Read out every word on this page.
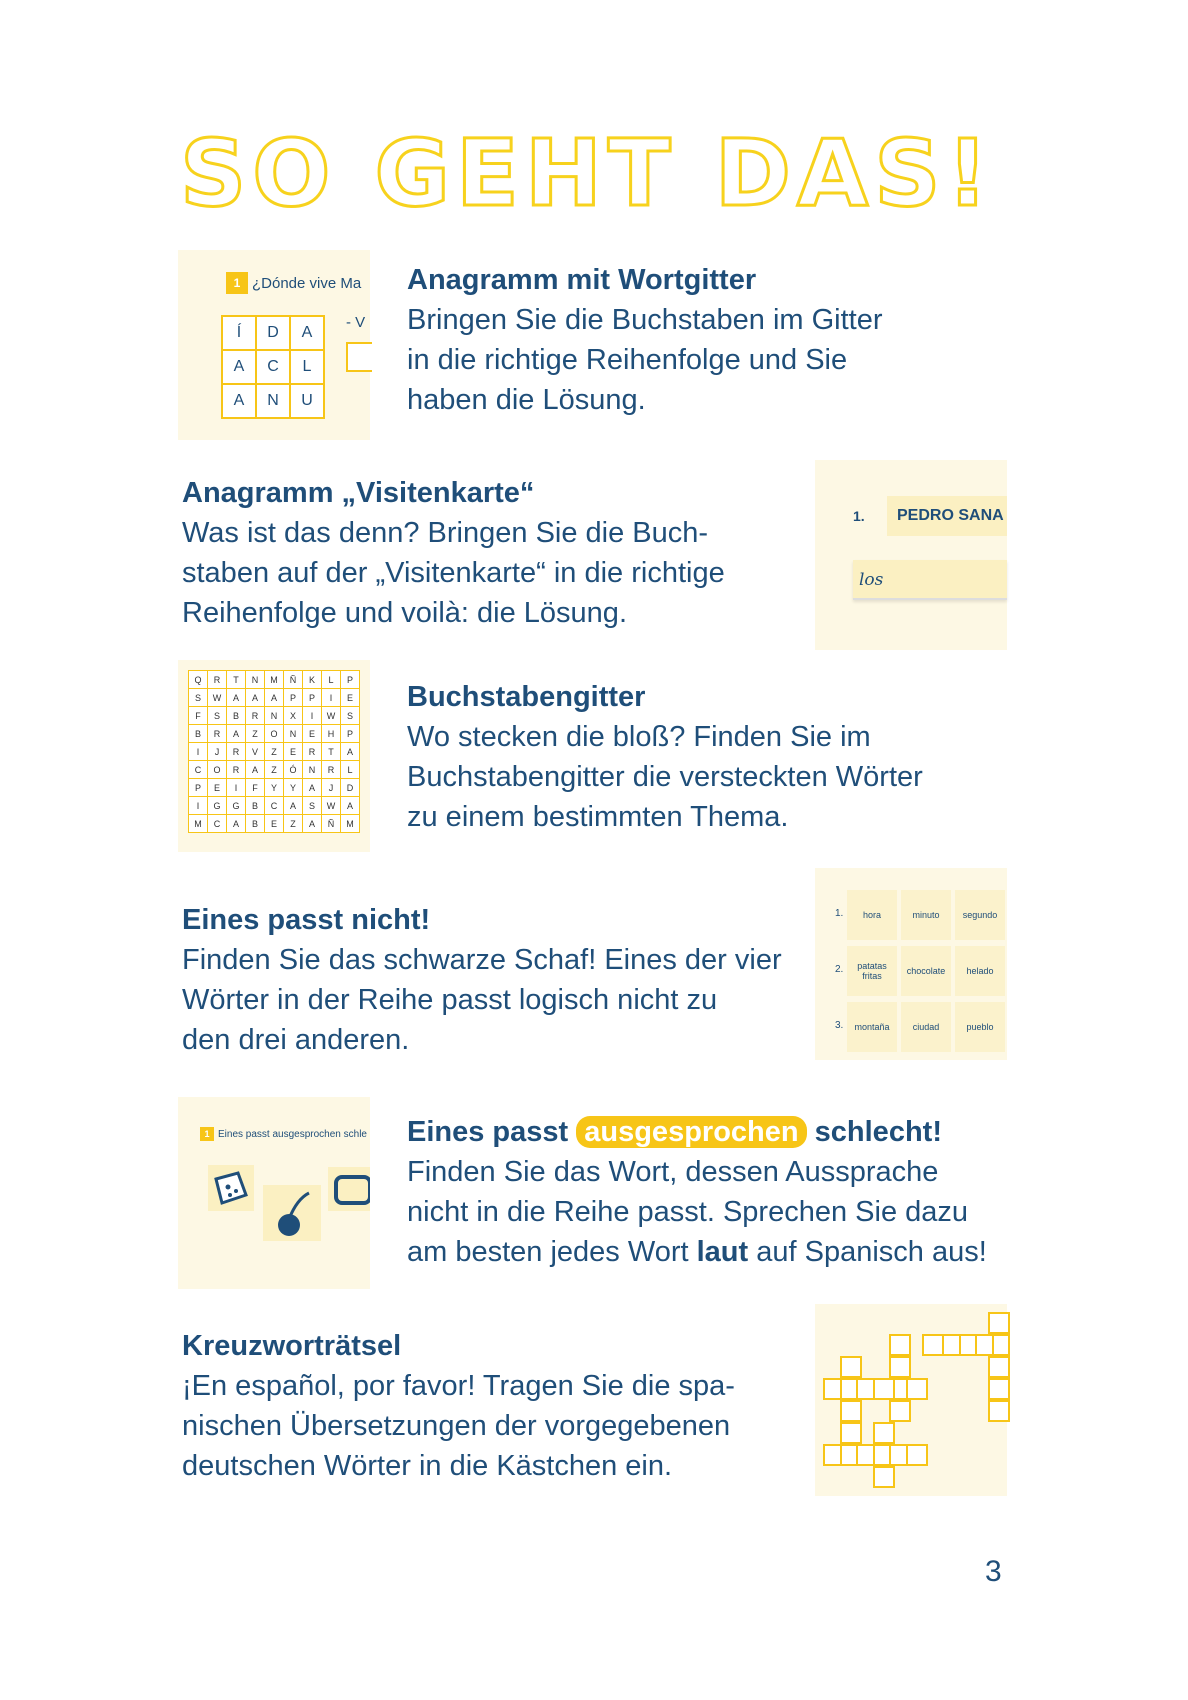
SO GEHT DAS!
1 ¿Dónde vive Ma
Í	D	A
A	C	L
A	N	U
- V
Anagramm mit Wortgitter

Bringen Sie die Buchstaben im Gitter

in die richtige Reihenfolge und Sie

haben die Lösung.

Anagramm „Visitenkarte“

Was ist das denn? Bringen Sie die Buch-

staben auf der „Visitenkarte“ in die richtige

Reihenfolge und voilà: die Lösung.

1. PEDRO SANA
los
Q	R	T	N	M	Ñ	K	L	P
S	W	A	A	A	P	P	I	E
F	S	B	R	N	X	I	W	S
B	R	A	Z	O	N	E	H	P
I	J	R	V	Z	E	R	T	A
C	O	R	A	Z	Ó	N	R	L
P	E	I	F	Y	Y	A	J	D
I	G	G	B	C	A	S	W	A
M	C	A	B	E	Z	A	Ñ	M
Buchstabengitter

Wo stecken die bloß? Finden Sie im

Buchstabengitter die versteckten Wörter

zu einem bestimmten Thema.

Eines passt nicht!

Finden Sie das schwarze Schaf! Eines der vier

Wörter in der Reihe passt logisch nicht zu

den drei anderen.

1.	hora	minuto	segundo
2.	patatas fritas	chocolate	helado
3.	montaña	ciudad	pueblo
1 Eines passt ausgesprochen schle Eines passt ausgesprochen schlecht!

Finden Sie das Wort, dessen Aussprache

nicht in die Reihe passt. Sprechen Sie dazu

am besten jedes Wort laut auf Spanisch aus!

Kreuzworträtsel

¡En español, por favor! Tragen Sie die spa-

nischen Übersetzungen der vorgegebenen

deutschen Wörter in die Kästchen ein.

3
